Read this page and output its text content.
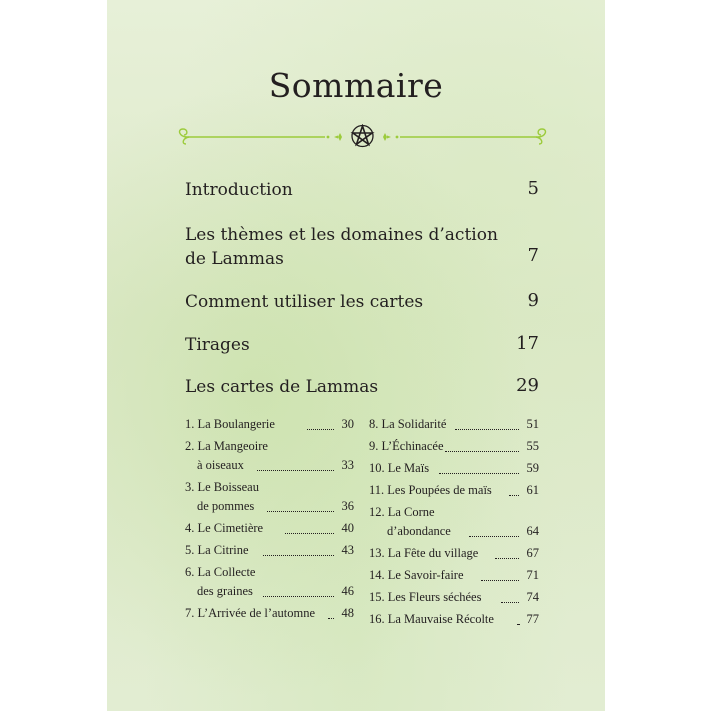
Sommaire
Introduction	5
Les thèmes et les domaines d’action
de Lammas	7
Comment utiliser les cartes	9
Tirages	17
Les cartes de Lammas	29
1. La Boulangerie	30
2. La Mangeoire
à oiseaux	33
3. Le Boisseau
de pommes	36
4. Le Cimetière	40
5. La Citrine	43
6. La Collecte
des graines	46
7. L’Arrivée de l’automne 48
8. La Solidarité	51
9. L’Échinacée	55
10. Le Maïs	59
11. Les Poupées de maïs	61
12. La Corne
d’abondance	64
13. La Fête du village	67
14. Le Savoir-faire	71
15. Les Fleurs séchées	74
16. La Mauvaise Récolte	77
